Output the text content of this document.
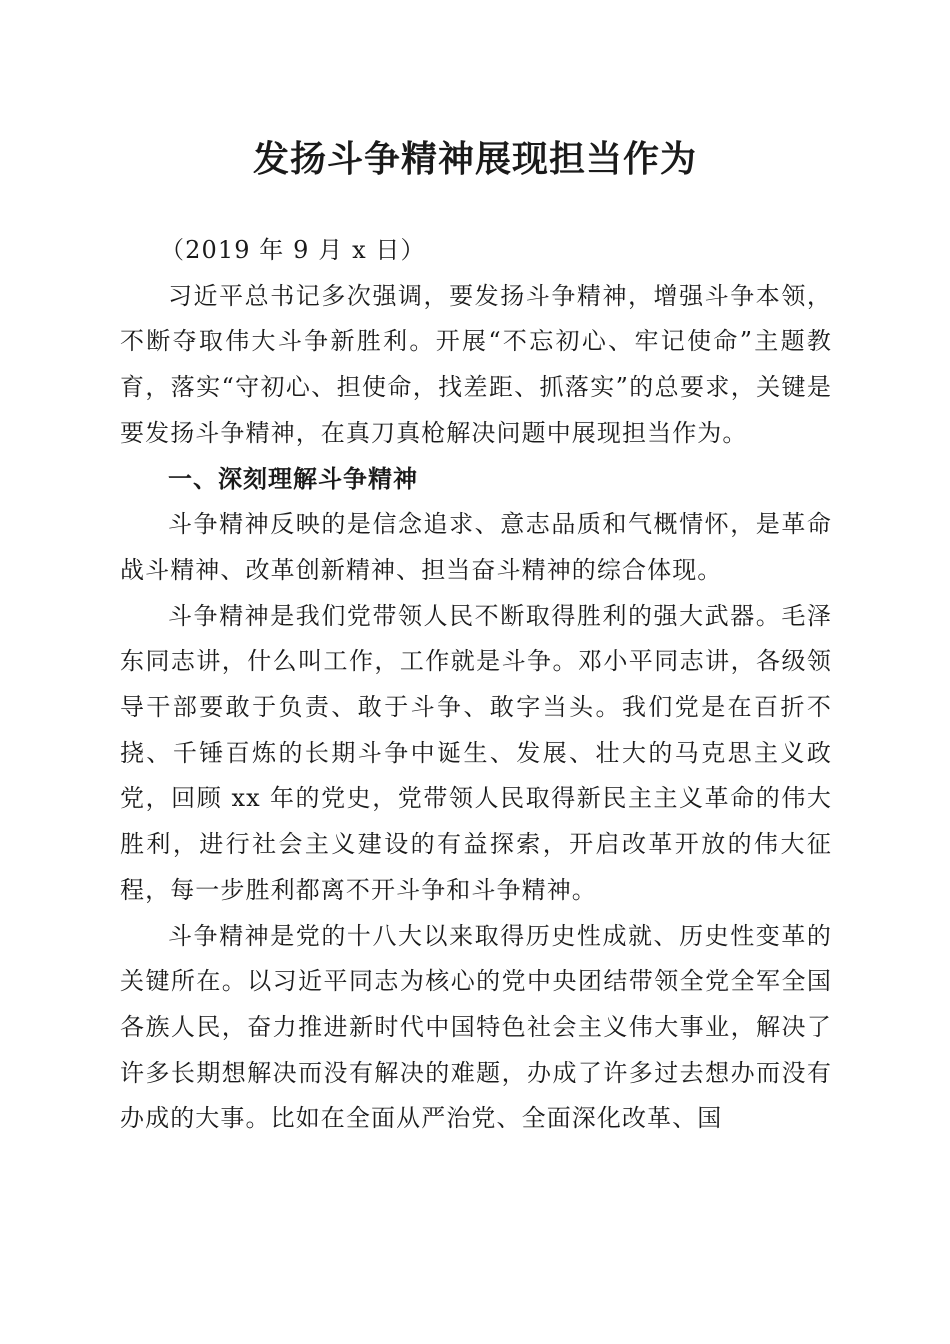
发扬斗争精神展现担当作为

（2019 年 9 月 x 日）

习近平总书记多次强调，要发扬斗争精神，增强斗争本领，不断夺取伟大斗争新胜利。开展“不忘初心、牢记使命”主题教育，落实“守初心、担使命，找差距、抓落实”的总要求，关键是要发扬斗争精神，在真刀真枪解决问题中展现担当作为。

一、深刻理解斗争精神

斗争精神反映的是信念追求、意志品质和气概情怀，是革命战斗精神、改革创新精神、担当奋斗精神的综合体现。

斗争精神是我们党带领人民不断取得胜利的强大武器。毛泽东同志讲，什么叫工作，工作就是斗争。邓小平同志讲，各级领导干部要敢于负责、敢于斗争、敢字当头。我们党是在百折不挠、千锤百炼的长期斗争中诞生、发展、壮大的马克思主义政党，回顾 xx 年的党史，党带领人民取得新民主主义革命的伟大胜利，进行社会主义建设的有益探索，开启改革开放的伟大征程，每一步胜利都离不开斗争和斗争精神。

斗争精神是党的十八大以来取得历史性成就、历史性变革的关键所在。以习近平同志为核心的党中央团结带领全党全军全国各族人民，奋力推进新时代中国特色社会主义伟大事业，解决了许多长期想解决而没有解决的难题，办成了许多过去想办而没有办成的大事。比如在全面从严治党、全面深化改革、国
